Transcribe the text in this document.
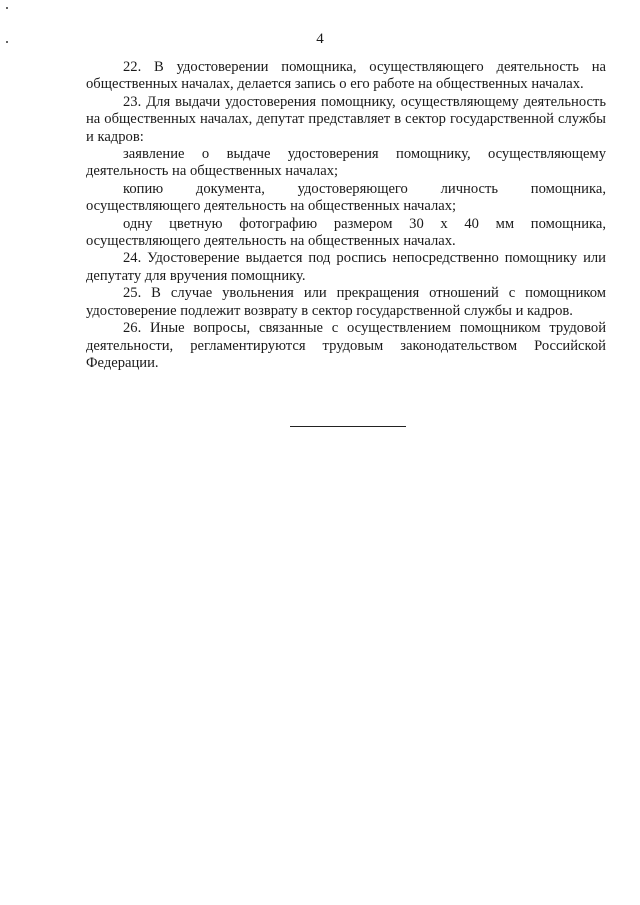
4

22. В удостоверении помощника, осуществляющего деятельность на общественных началах, делается запись о его работе на общественных началах.

23. Для выдачи удостоверения помощнику, осуществляющему деятельность на общественных началах, депутат представляет в сектор государственной службы и кадров:

заявление о выдаче удостоверения помощнику, осуществляющему деятельность на общественных началах;

копию документа, удостоверяющего личность помощника, осуществляющего деятельность на общественных началах;

одну цветную фотографию размером 30 х 40 мм помощника, осуществляющего деятельность на общественных началах.

24. Удостоверение выдается под роспись непосредственно помощнику или депутату для вручения помощнику.

25. В случае увольнения или прекращения отношений с помощником удостоверение подлежит возврату в сектор государственной службы и кадров.

26. Иные вопросы, связанные с осуществлением помощником трудовой деятельности, регламентируются трудовым законодательством Российской Федерации.
